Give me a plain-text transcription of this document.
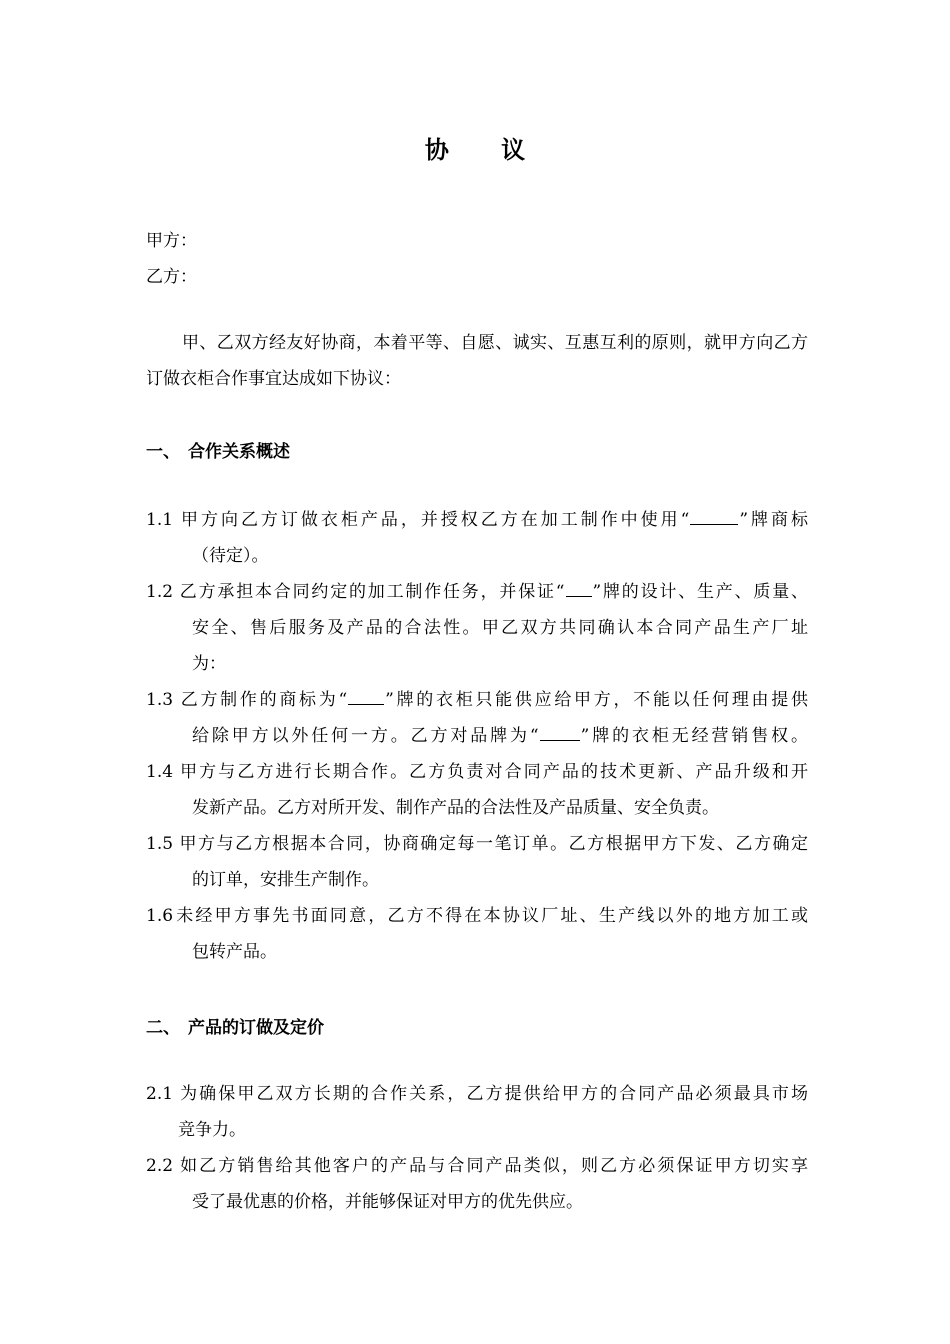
协 议
甲方：
乙方：
甲、乙双方经友好协商，本着平等、自愿、诚实、互惠互利的原则，就甲方向乙方订做衣柜合作事宜达成如下协议：
一、 合作关系概述
1.1 甲方向乙方订做衣柜产品，并授权乙方在加工制作中使用“	”牌商标
（待定）。
1.2 乙方承担本合同约定的加工制作任务，并保证“ ”牌的设计、生产、质量、
安全、售后服务及产品的合法性。甲乙双方共同确认本合同产品生产厂址
为：
1.3 乙方制作的商标为“ ”牌的衣柜只能供应给甲方，不能以任何理由提供
给除甲方以外任何一方。乙方对品牌为“ ”牌的衣柜无经营销售权。
1.4 甲方与乙方进行长期合作。乙方负责对合同产品的技术更新、产品升级和开
发新产品。乙方对所开发、制作产品的合法性及产品质量、安全负责。
1.5 甲方与乙方根据本合同，协商确定每一笔订单。乙方根据甲方下发、乙方确定
的订单，安排生产制作。
1.6未经甲方事先书面同意，乙方不得在本协议厂址、生产线以外的地方加工或
包转产品。
二、 产品的订做及定价
2.1 为确保甲乙双方长期的合作关系，乙方提供给甲方的合同产品必须最具市场
竞争力。
2.2 如乙方销售给其他客户的产品与合同产品类似，则乙方必须保证甲方切实享
受了最优惠的价格，并能够保证对甲方的优先供应。
